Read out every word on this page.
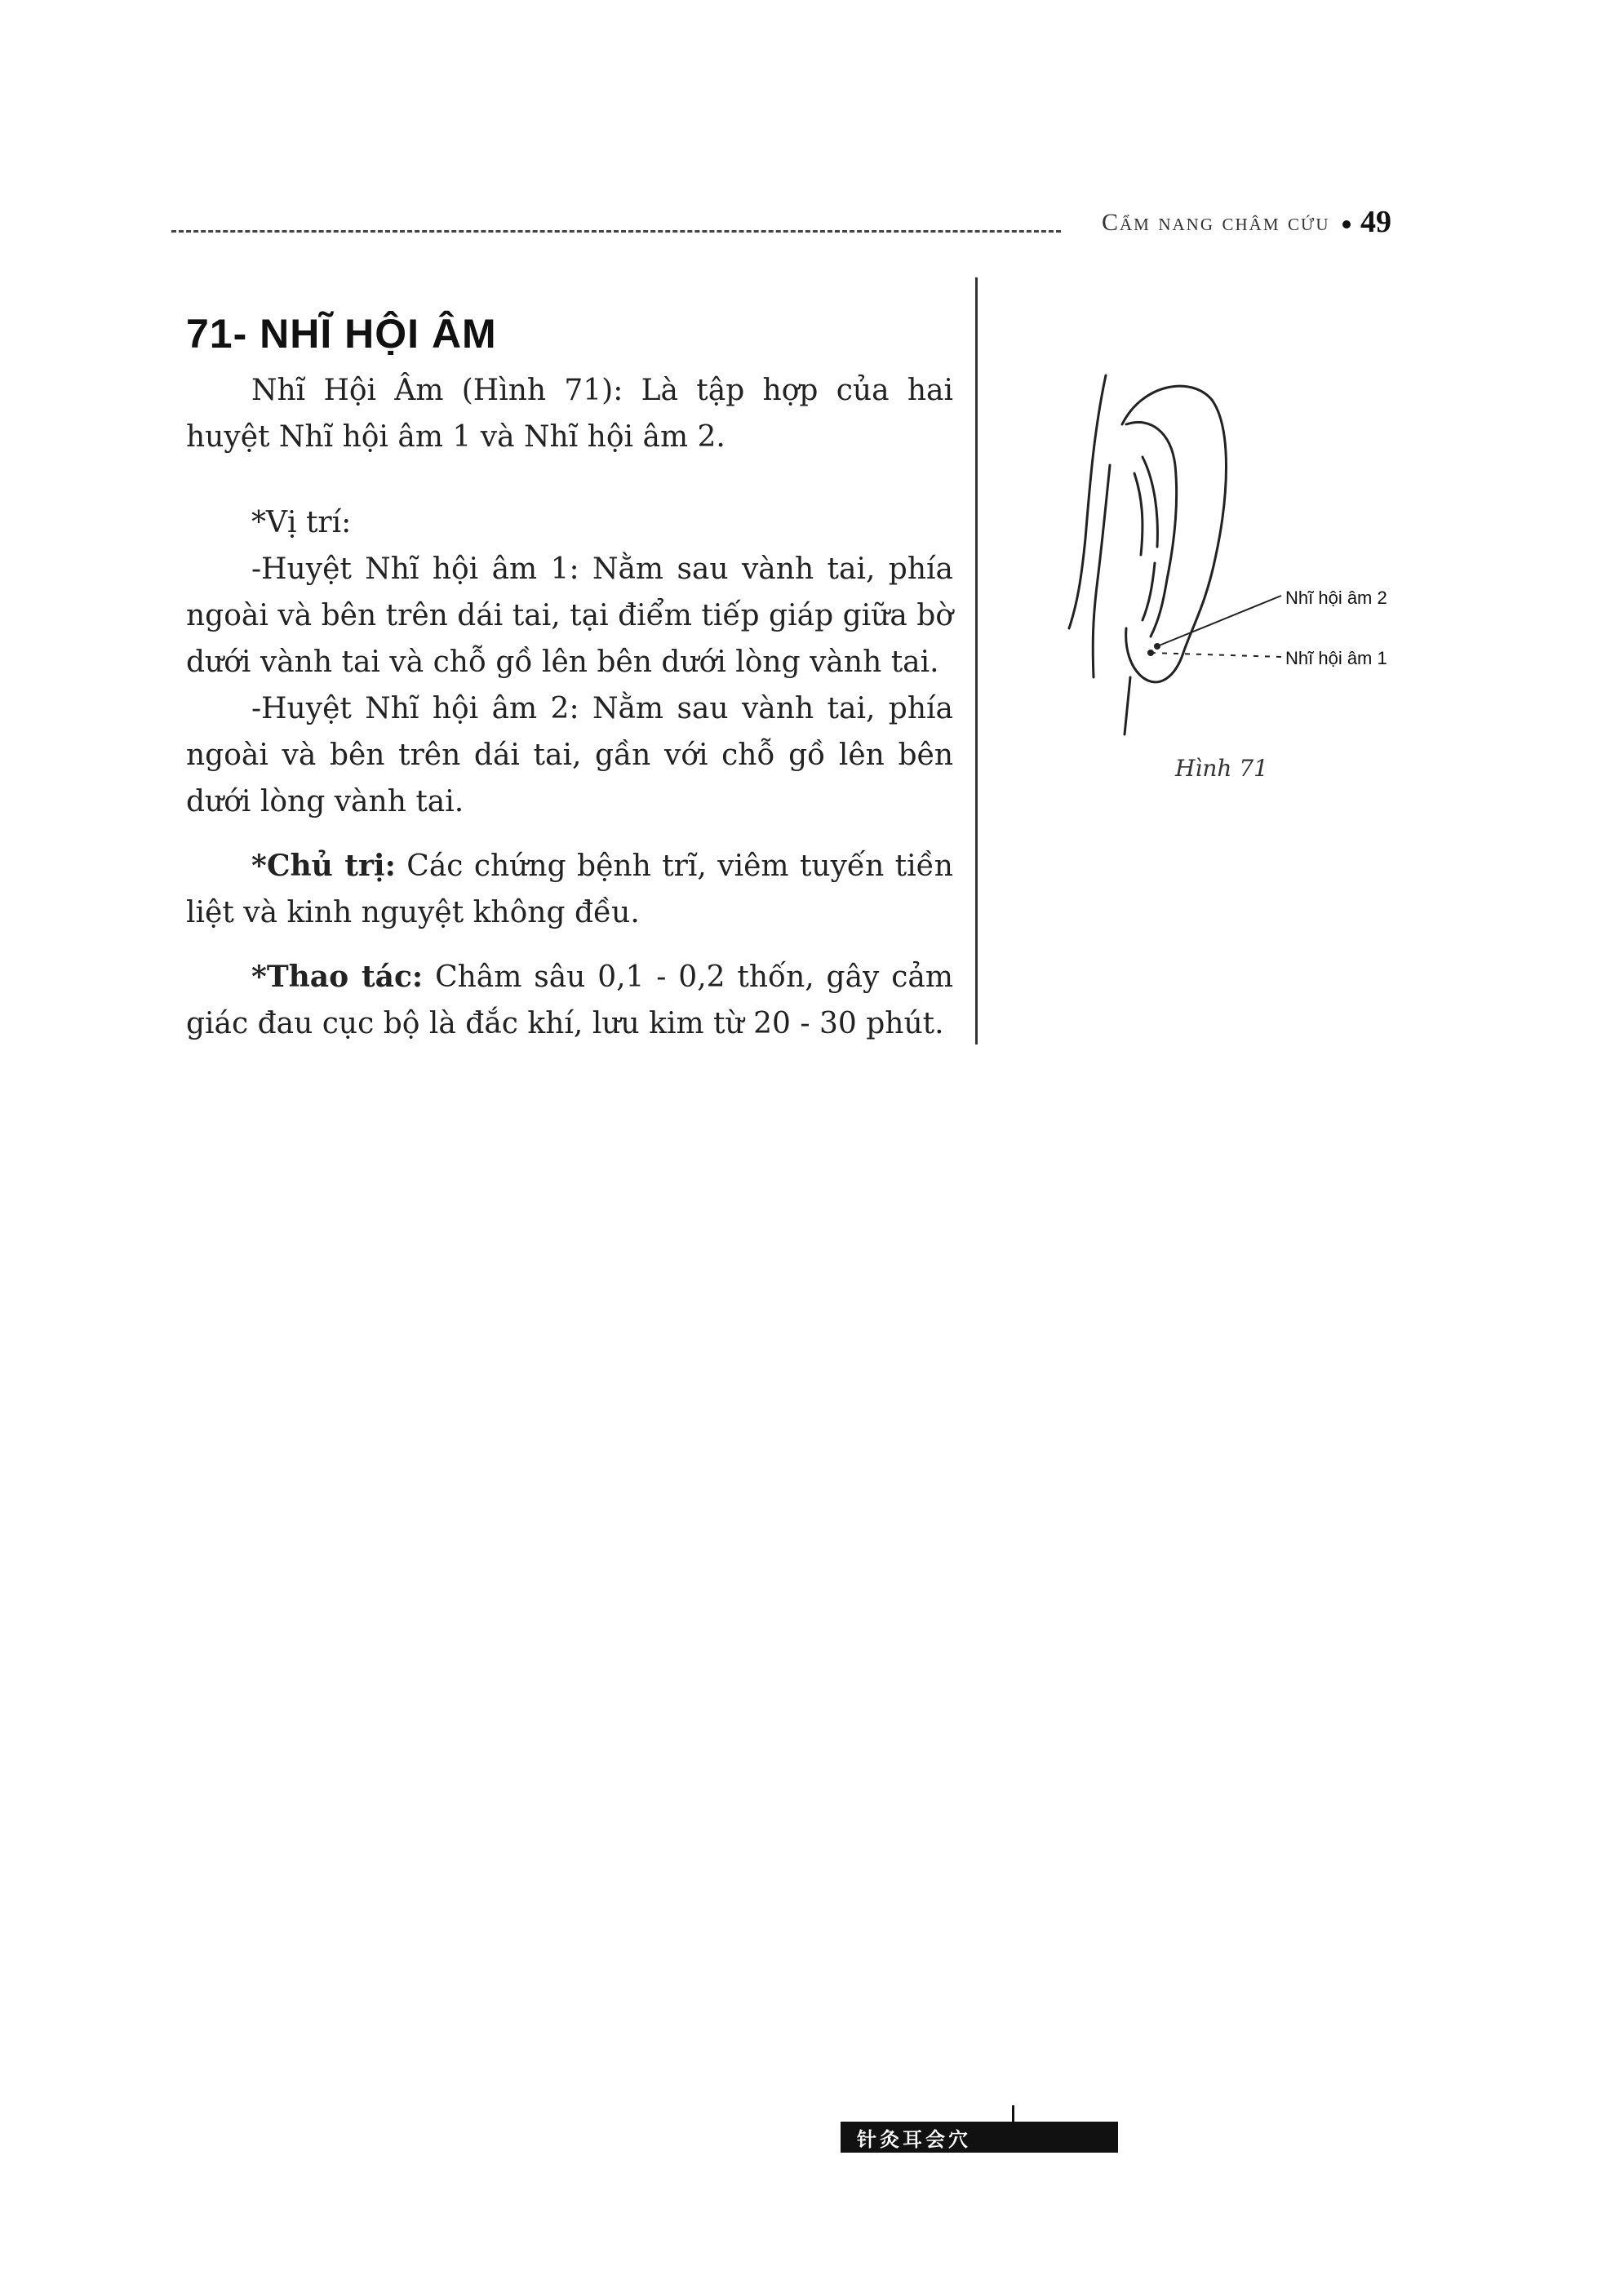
Cẩm nang châm cứu 49
71- NHĨ HỘI ÂM

Nhĩ Hội Âm (Hình 71): Là tập hợp của hai huyệt Nhĩ hội âm 1 và Nhĩ hội âm 2.

*Vị trí:

-Huyệt Nhĩ hội âm 1: Nằm sau vành tai, phía ngoài và bên trên dái tai, tại điểm tiếp giáp giữa bờ dưới vành tai và chỗ gồ lên bên dưới lòng vành tai.

-Huyệt Nhĩ hội âm 2: Nằm sau vành tai, phía ngoài và bên trên dái tai, gần với chỗ gồ lên bên dưới lòng vành tai.

*Chủ trị: Các chứng bệnh trĩ, viêm tuyến tiền liệt và kinh nguyệt không đều.

*Thao tác: Châm sâu 0,1 - 0,2 thốn, gây cảm giác đau cục bộ là đắc khí, lưu kim từ 20 - 30 phút.

Nhĩ hội âm 2
Nhĩ hội âm 1
Hình 71
针灸耳会穴
